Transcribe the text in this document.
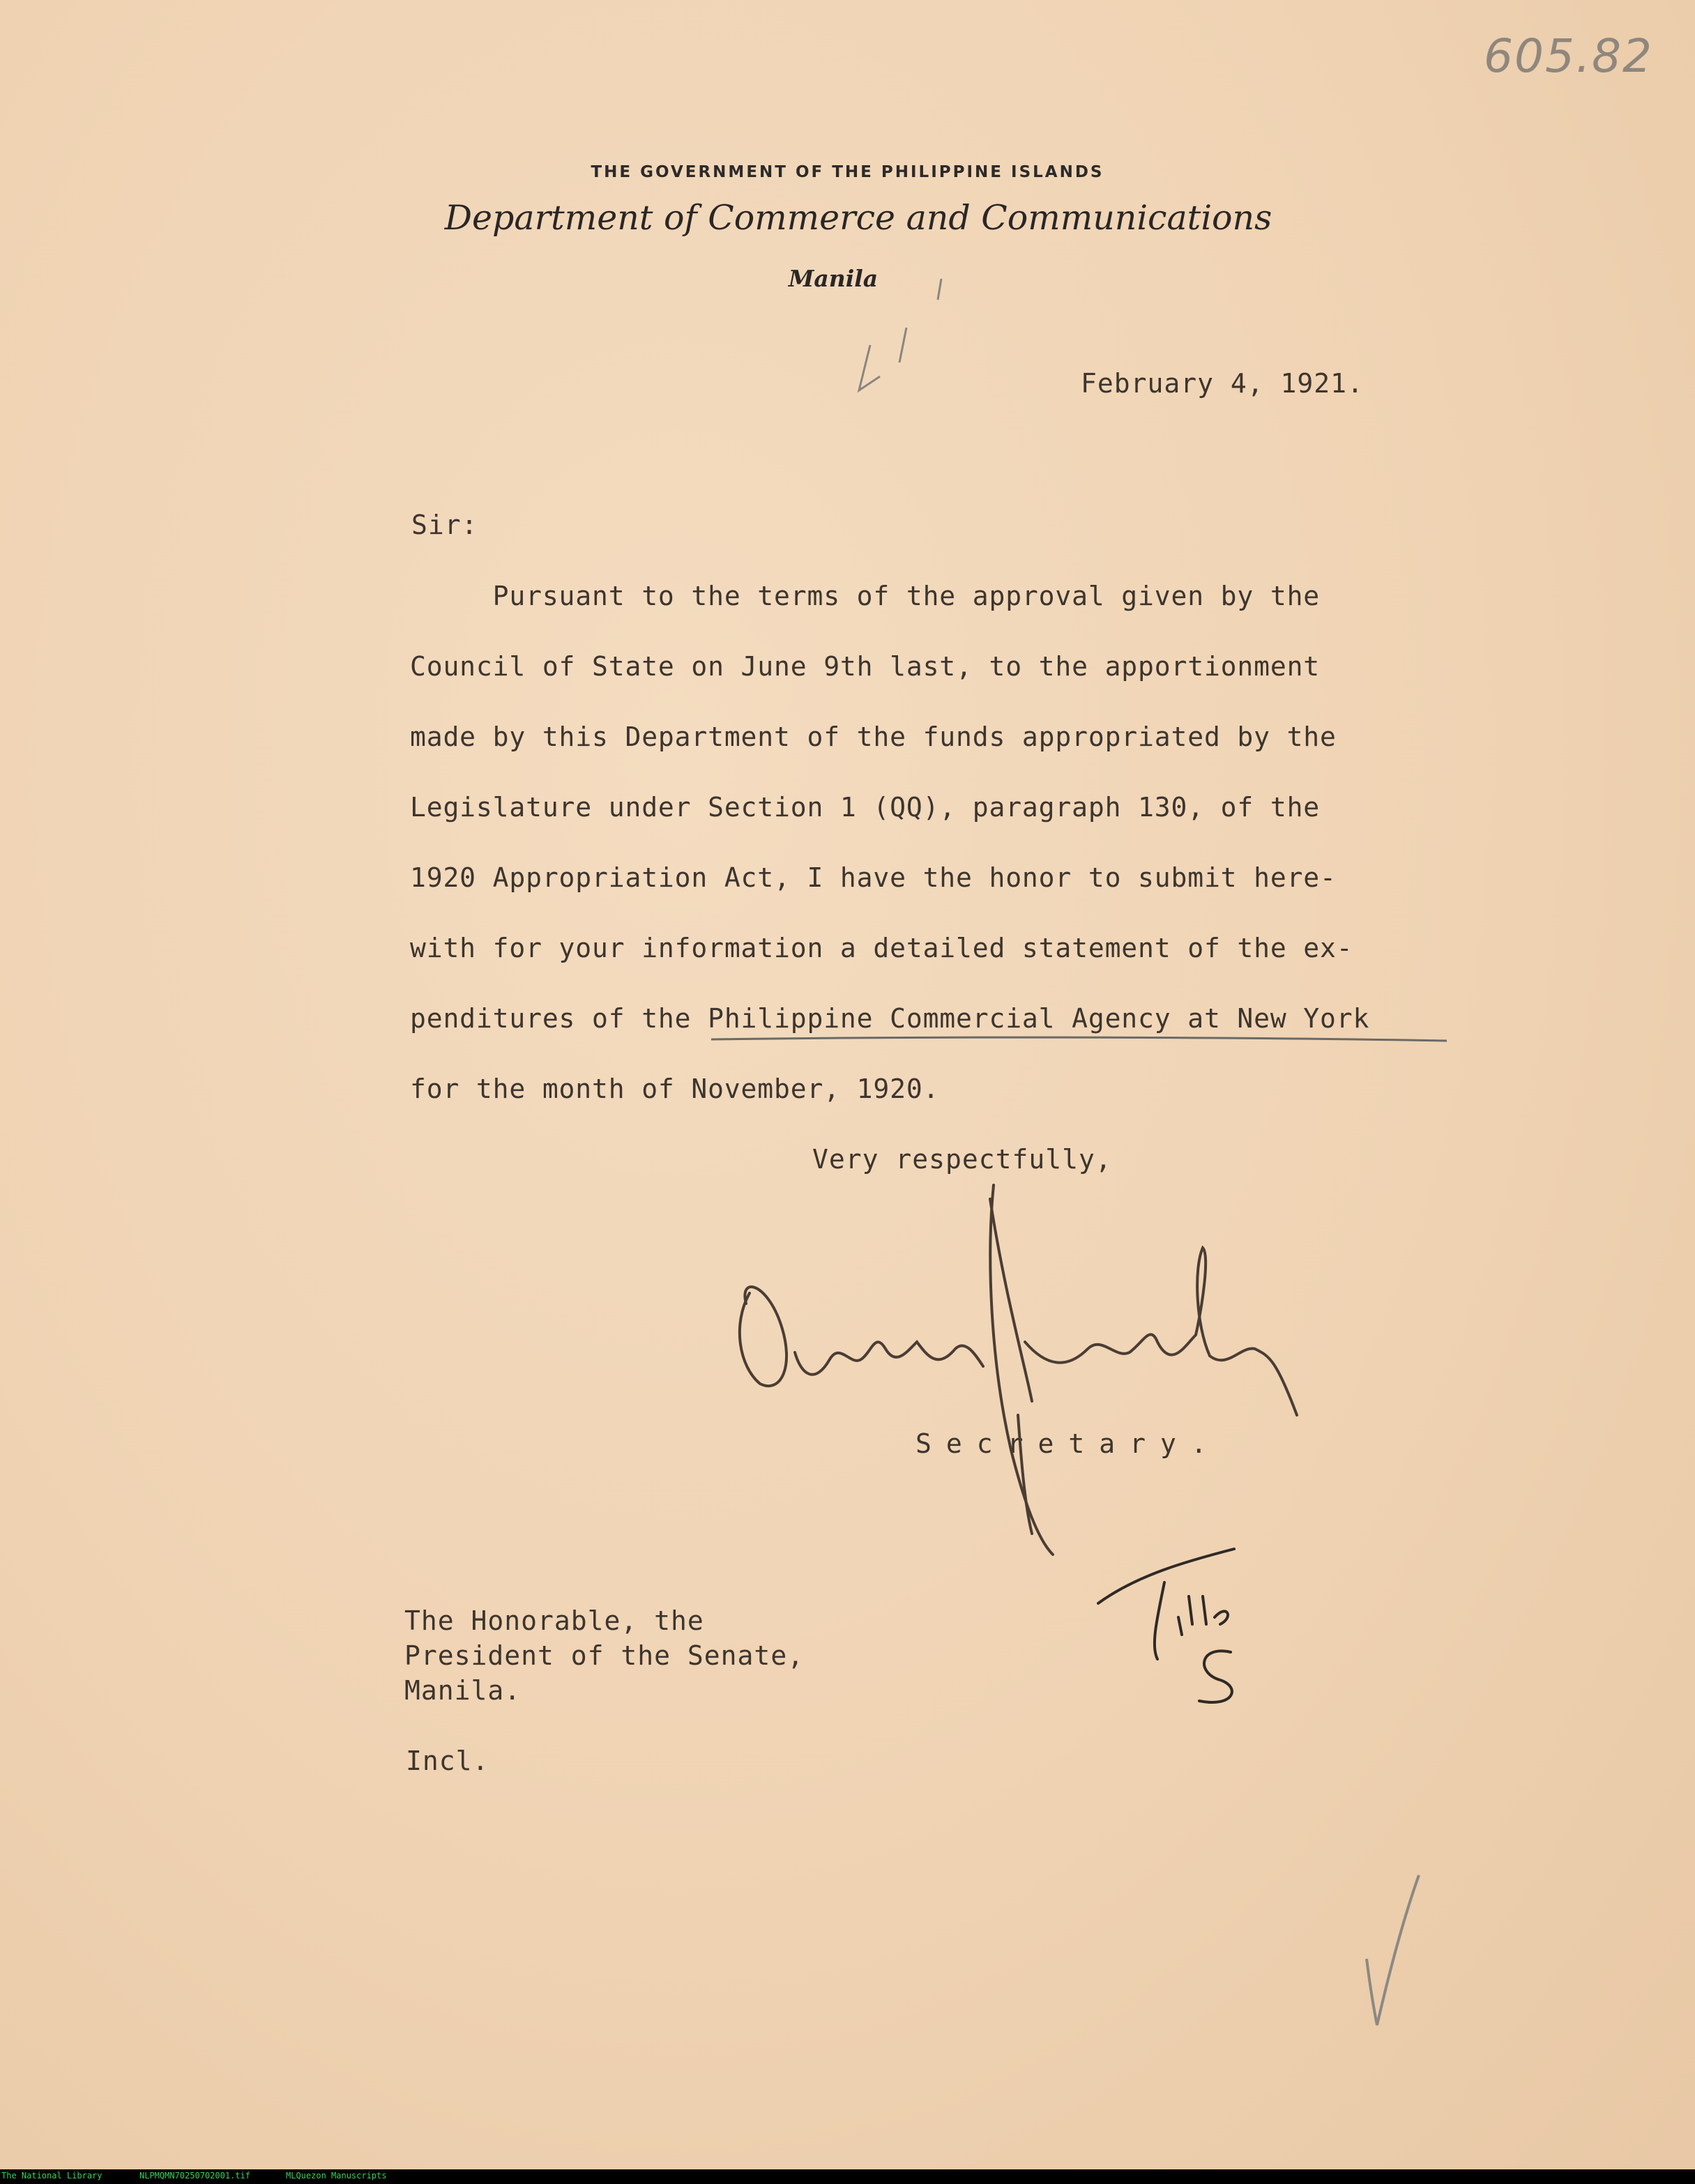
605.82
THE GOVERNMENT OF THE PHILIPPINE ISLANDS
Department of Commerce and Communications
Manila
February 4, 1921.
Sir:
Pursuant to the terms of the approval given by the
Council of State on June 9th last, to the apportionment
made by this Department of the funds appropriated by the
Legislature under Section 1 (QQ), paragraph 130, of the
1920 Appropriation Act, I have the honor to submit here-
with for your information a detailed statement of the ex-
penditures of the Philippine Commercial Agency at New York
for the month of November, 1920.
Very respectfully,
Secretary.
The Honorable, the
President of the Senate,
Manila.
Incl.
The National Library	NLPMQMN70250702001.tif	MLQuezon Manuscripts
